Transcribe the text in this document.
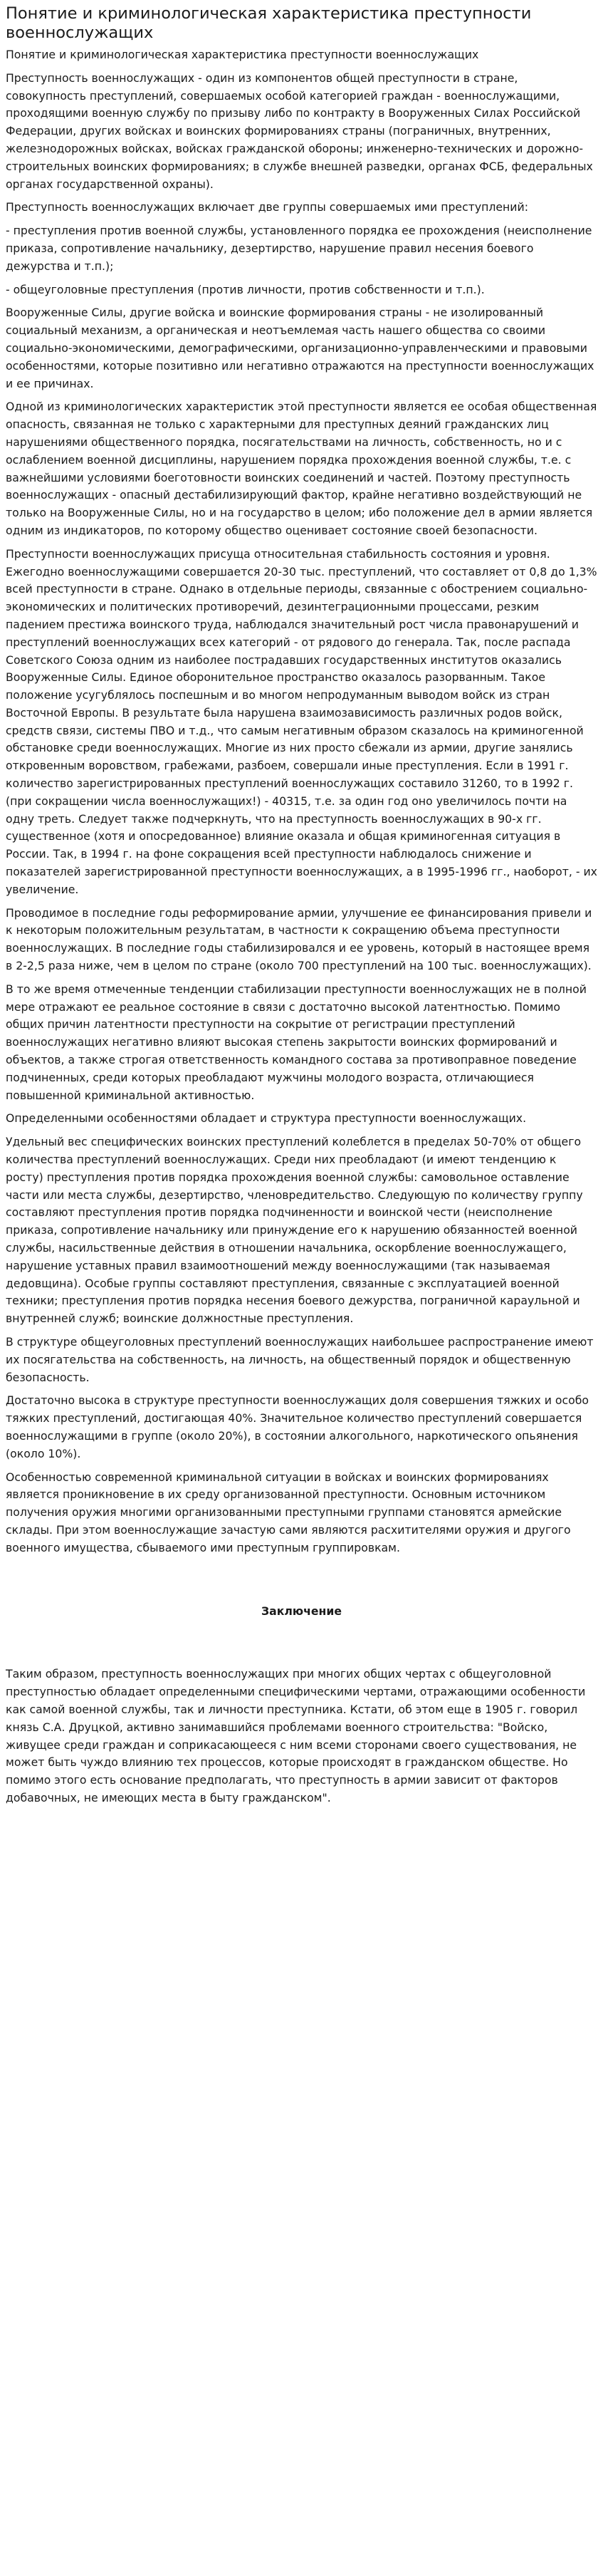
Понятие и криминологическая характеристика преступности военнослужащих

Понятие и криминологическая характеристика преступности военнослужащих

Преступность военнослужащих - один из компонентов общей преступности в стране, совокупность преступлений, совершаемых особой категорией граждан - военнослужащими, проходящими военную службу по призыву либо по контракту в Вооруженных Силах Российской Федерации, других войсках и воинских формированиях страны (пограничных, внутренних, железнодорожных войсках, войсках гражданской обороны; инженерно-технических и дорожно-строительных воинских формированиях; в службе внешней разведки, органах ФСБ, федеральных органах государственной охраны).

Преступность военнослужащих включает две группы совершаемых ими преступлений:

- преступления против военной службы, установленного порядка ее прохождения (неисполнение приказа, сопротивление начальнику, дезертирство, нарушение правил несения боевого дежурства и т.п.);

- общеуголовные преступления (против личности, против собственности и т.п.).

Вооруженные Силы, другие войска и воинские формирования страны - не изолированный социальный механизм, а органическая и неотъемлемая часть нашего общества со своими социально-экономическими, демографическими, организационно-управленческими и правовыми особенностями, которые позитивно или негативно отражаются на преступности военнослужащих и ее причинах.

Одной из криминологических характеристик этой преступности является ее особая общественная опасность, связанная не только с характерными для преступных деяний гражданских лиц нарушениями общественного порядка, посягательствами на личность, собственность, но и с ослаблением военной дисциплины, нарушением порядка прохождения военной службы, т.е. с важнейшими условиями боеготовности воинских соединений и частей. Поэтому преступность военнослужащих - опасный дестабилизирующий фактор, крайне негативно воздействующий не только на Вооруженные Силы, но и на государство в целом; ибо положение дел в армии является одним из индикаторов, по которому общество оценивает состояние своей безопасности.

Преступности военнослужащих присуща относительная стабильность состояния и уровня. Ежегодно военнослужащими совершается 20-30 тыс. преступлений, что составляет от 0,8 до 1,3% всей преступности в стране. Однако в отдельные периоды, связанные с обострением социально-экономических и политических противоречий, дезинтеграционными процессами, резким падением престижа воинского труда, наблюдался значительный рост числа правонарушений и преступлений военнослужащих всех категорий - от рядового до генерала. Так, после распада Советского Союза одним из наиболее пострадавших государственных институтов оказались Вооруженные Силы. Единое оборонительное пространство оказалось разорванным. Такое положение усугублялось поспешным и во многом непродуманным выводом войск из стран Восточной Европы. В результате была нарушена взаимозависимость различных родов войск, средств связи, системы ПВО и т.д., что самым негативным образом сказалось на криминогенной обстановке среди военнослужащих. Многие из них просто сбежали из армии, другие занялись откровенным воровством, грабежами, разбоем, совершали иные преступления. Если в 1991 г. количество зарегистрированных преступлений военнослужащих составило 31260, то в 1992 г. (при сокращении числа военнослужащих!) - 40315, т.е. за один год оно увеличилось почти на одну треть. Следует также подчеркнуть, что на преступность военнослужащих в 90-х гг. существенное (хотя и опосредованное) влияние оказала и общая криминогенная ситуация в России. Так, в 1994 г. на фоне сокращения всей преступности наблюдалось снижение и показателей зарегистрированной преступности военнослужащих, а в 1995-1996 гг., наоборот, - их увеличение.

Проводимое в последние годы реформирование армии, улучшение ее финансирования привели и к некоторым положительным результатам, в частности к сокращению объема преступности военнослужащих. В последние годы стабилизировался и ее уровень, который в настоящее время в 2-2,5 раза ниже, чем в целом по стране (около 700 преступлений на 100 тыс. военнослужащих).

В то же время отмеченные тенденции стабилизации преступности военнослужащих не в полной мере отражают ее реальное состояние в связи с достаточно высокой латентностью. Помимо общих причин латентности преступности на сокрытие от регистрации преступлений военнослужащих негативно влияют высокая степень закрытости воинских формирований и объектов, а также строгая ответственность командного состава за противоправное поведение подчиненных, среди которых преобладают мужчины молодого возраста, отличающиеся повышенной криминальной активностью.

Определенными особенностями обладает и структура преступности военнослужащих.

Удельный вес специфических воинских преступлений колеблется в пределах 50-70% от общего количества преступлений военнослужащих. Среди них преобладают (и имеют тенденцию к росту) преступления против порядка прохождения военной службы: самовольное оставление части или места службы, дезертирство, членовредительство. Следующую по количеству группу составляют преступления против порядка подчиненности и воинской чести (неисполнение приказа, сопротивление начальнику или принуждение его к нарушению обязанностей военной службы, насильственные действия в отношении начальника, оскорбление военнослужащего, нарушение уставных правил взаимоотношений между военнослужащими (так называемая дедовщина). Особые группы составляют преступления, связанные с эксплуатацией военной техники; преступления против порядка несения боевого дежурства, пограничной караульной и внутренней служб; воинские должностные преступления.

В структуре общеуголовных преступлений военнослужащих наибольшее распространение имеют их посягательства на собственность, на личность, на общественный порядок и общественную безопасность.

Достаточно высока в структуре преступности военнослужащих доля совершения тяжких и особо тяжких преступлений, достигающая 40%. Значительное количество преступлений совершается военнослужащими в группе (около 20%), в состоянии алкогольного, наркотического опьянения (около 10%).

Особенностью современной криминальной ситуации в войсках и воинских формированиях является проникновение в их среду организованной преступности. Основным источником получения оружия многими организованными преступными группами становятся армейские склады. При этом военнослужащие зачастую сами являются расхитителями оружия и другого военного имущества, сбываемого ими преступным группировкам.

Заключение

Таким образом, преступность военнослужащих при многих общих чертах с общеуголовной преступностью обладает определенными специфическими чертами, отражающими особенности как самой военной службы, так и личности преступника. Кстати, об этом еще в 1905 г. говорил князь С.А. Друцкой, активно занимавшийся проблемами военного строительства: "Войско, живущее среди граждан и соприкасающееся с ним всеми сторонами своего существования, не может быть чуждо влиянию тех процессов, которые происходят в гражданском обществе. Но помимо этого есть основание предполагать, что преступность в армии зависит от факторов добавочных, не имеющих места в быту гражданском".
